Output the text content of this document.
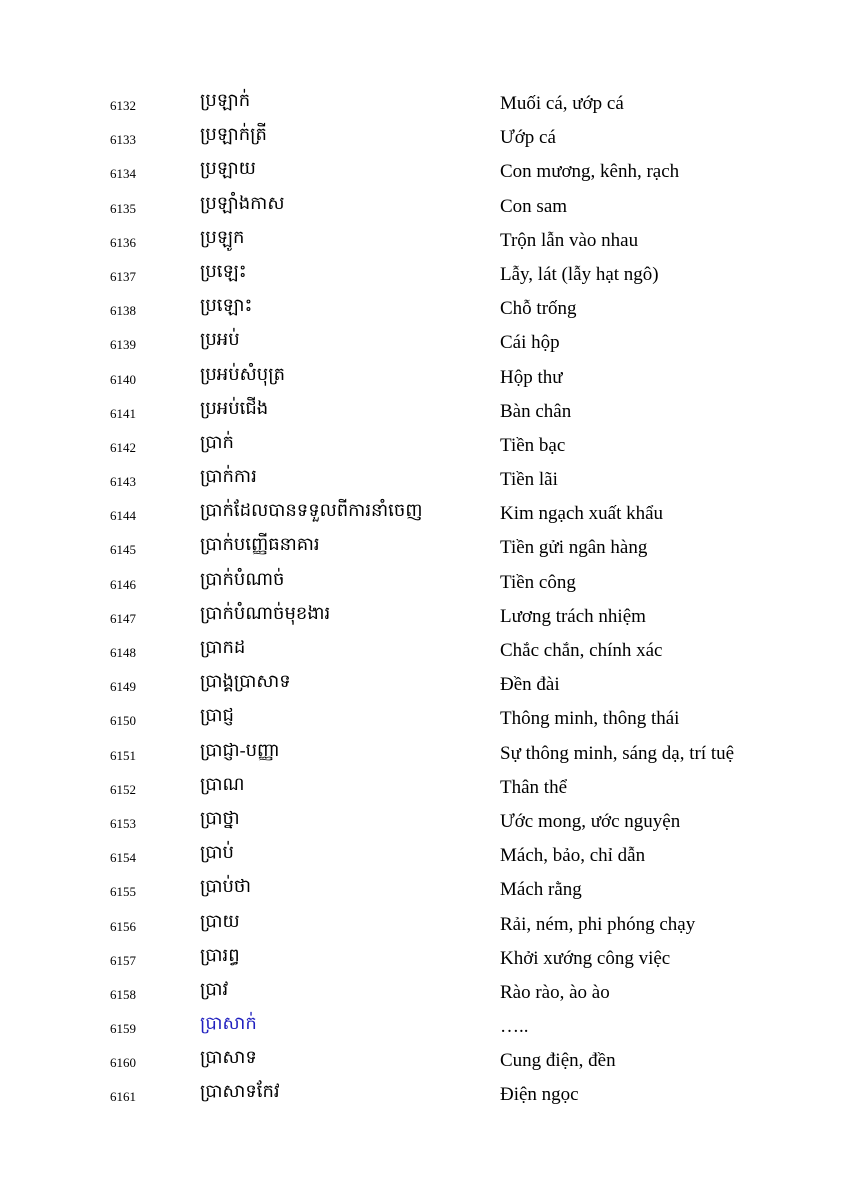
6132	ប្រឡាក់	Muối cá, ướp cá
6133	ប្រឡាក់ត្រី	Ướp cá
6134	ប្រឡាយ	Con mương, kênh, rạch
6135	ប្រឡាំងកាស	Con sam
6136	ប្រឡូក	Trộn lẫn vào nhau
6137	ប្រឡេះ	Lẫy, lát (lẫy hạt ngô)
6138	ប្រឡោះ	Chỗ trống
6139	ប្រអប់	Cái hộp
6140	ប្រអប់សំបុត្រ	Hộp thư
6141	ប្រអប់ជើង	Bàn chân
6142	ប្រាក់	Tiền bạc
6143	ប្រាក់ការ	Tiền lãi
6144	ប្រាក់ដែលបានទទួលពីការនាំចេញ	Kim ngạch xuất khẩu
6145	ប្រាក់បញ្ញើធនាគារ	Tiền gửi ngân hàng
6146	ប្រាក់បំណាច់	Tiền công
6147	ប្រាក់បំណាច់មុខងារ	Lương trách nhiệm
6148	ប្រាកដ	Chắc chắn, chính xác
6149	ប្រាង្គប្រាសាទ	Đền đài
6150	ប្រាជ្ញ	Thông minh, thông thái
6151	ប្រាជ្ញា-បញ្ញា	Sự thông minh, sáng dạ, trí tuệ
6152	ប្រាណ	Thân thể
6153	ប្រាថ្នា	Ước mong, ước nguyện
6154	ប្រាប់	Mách, bảo, chỉ dẫn
6155	ប្រាប់ថា	Mách rằng
6156	ប្រាយ	Rải, ném, phi phóng chạy
6157	ប្រារព្ធ	Khởi xướng công việc
6158	ប្រាវ	Rào rào, ào ào
6159	ប្រាសាក់	…..
6160	ប្រាសាទ	Cung điện, đền
6161	ប្រាសាទកែវ	Điện ngọc
